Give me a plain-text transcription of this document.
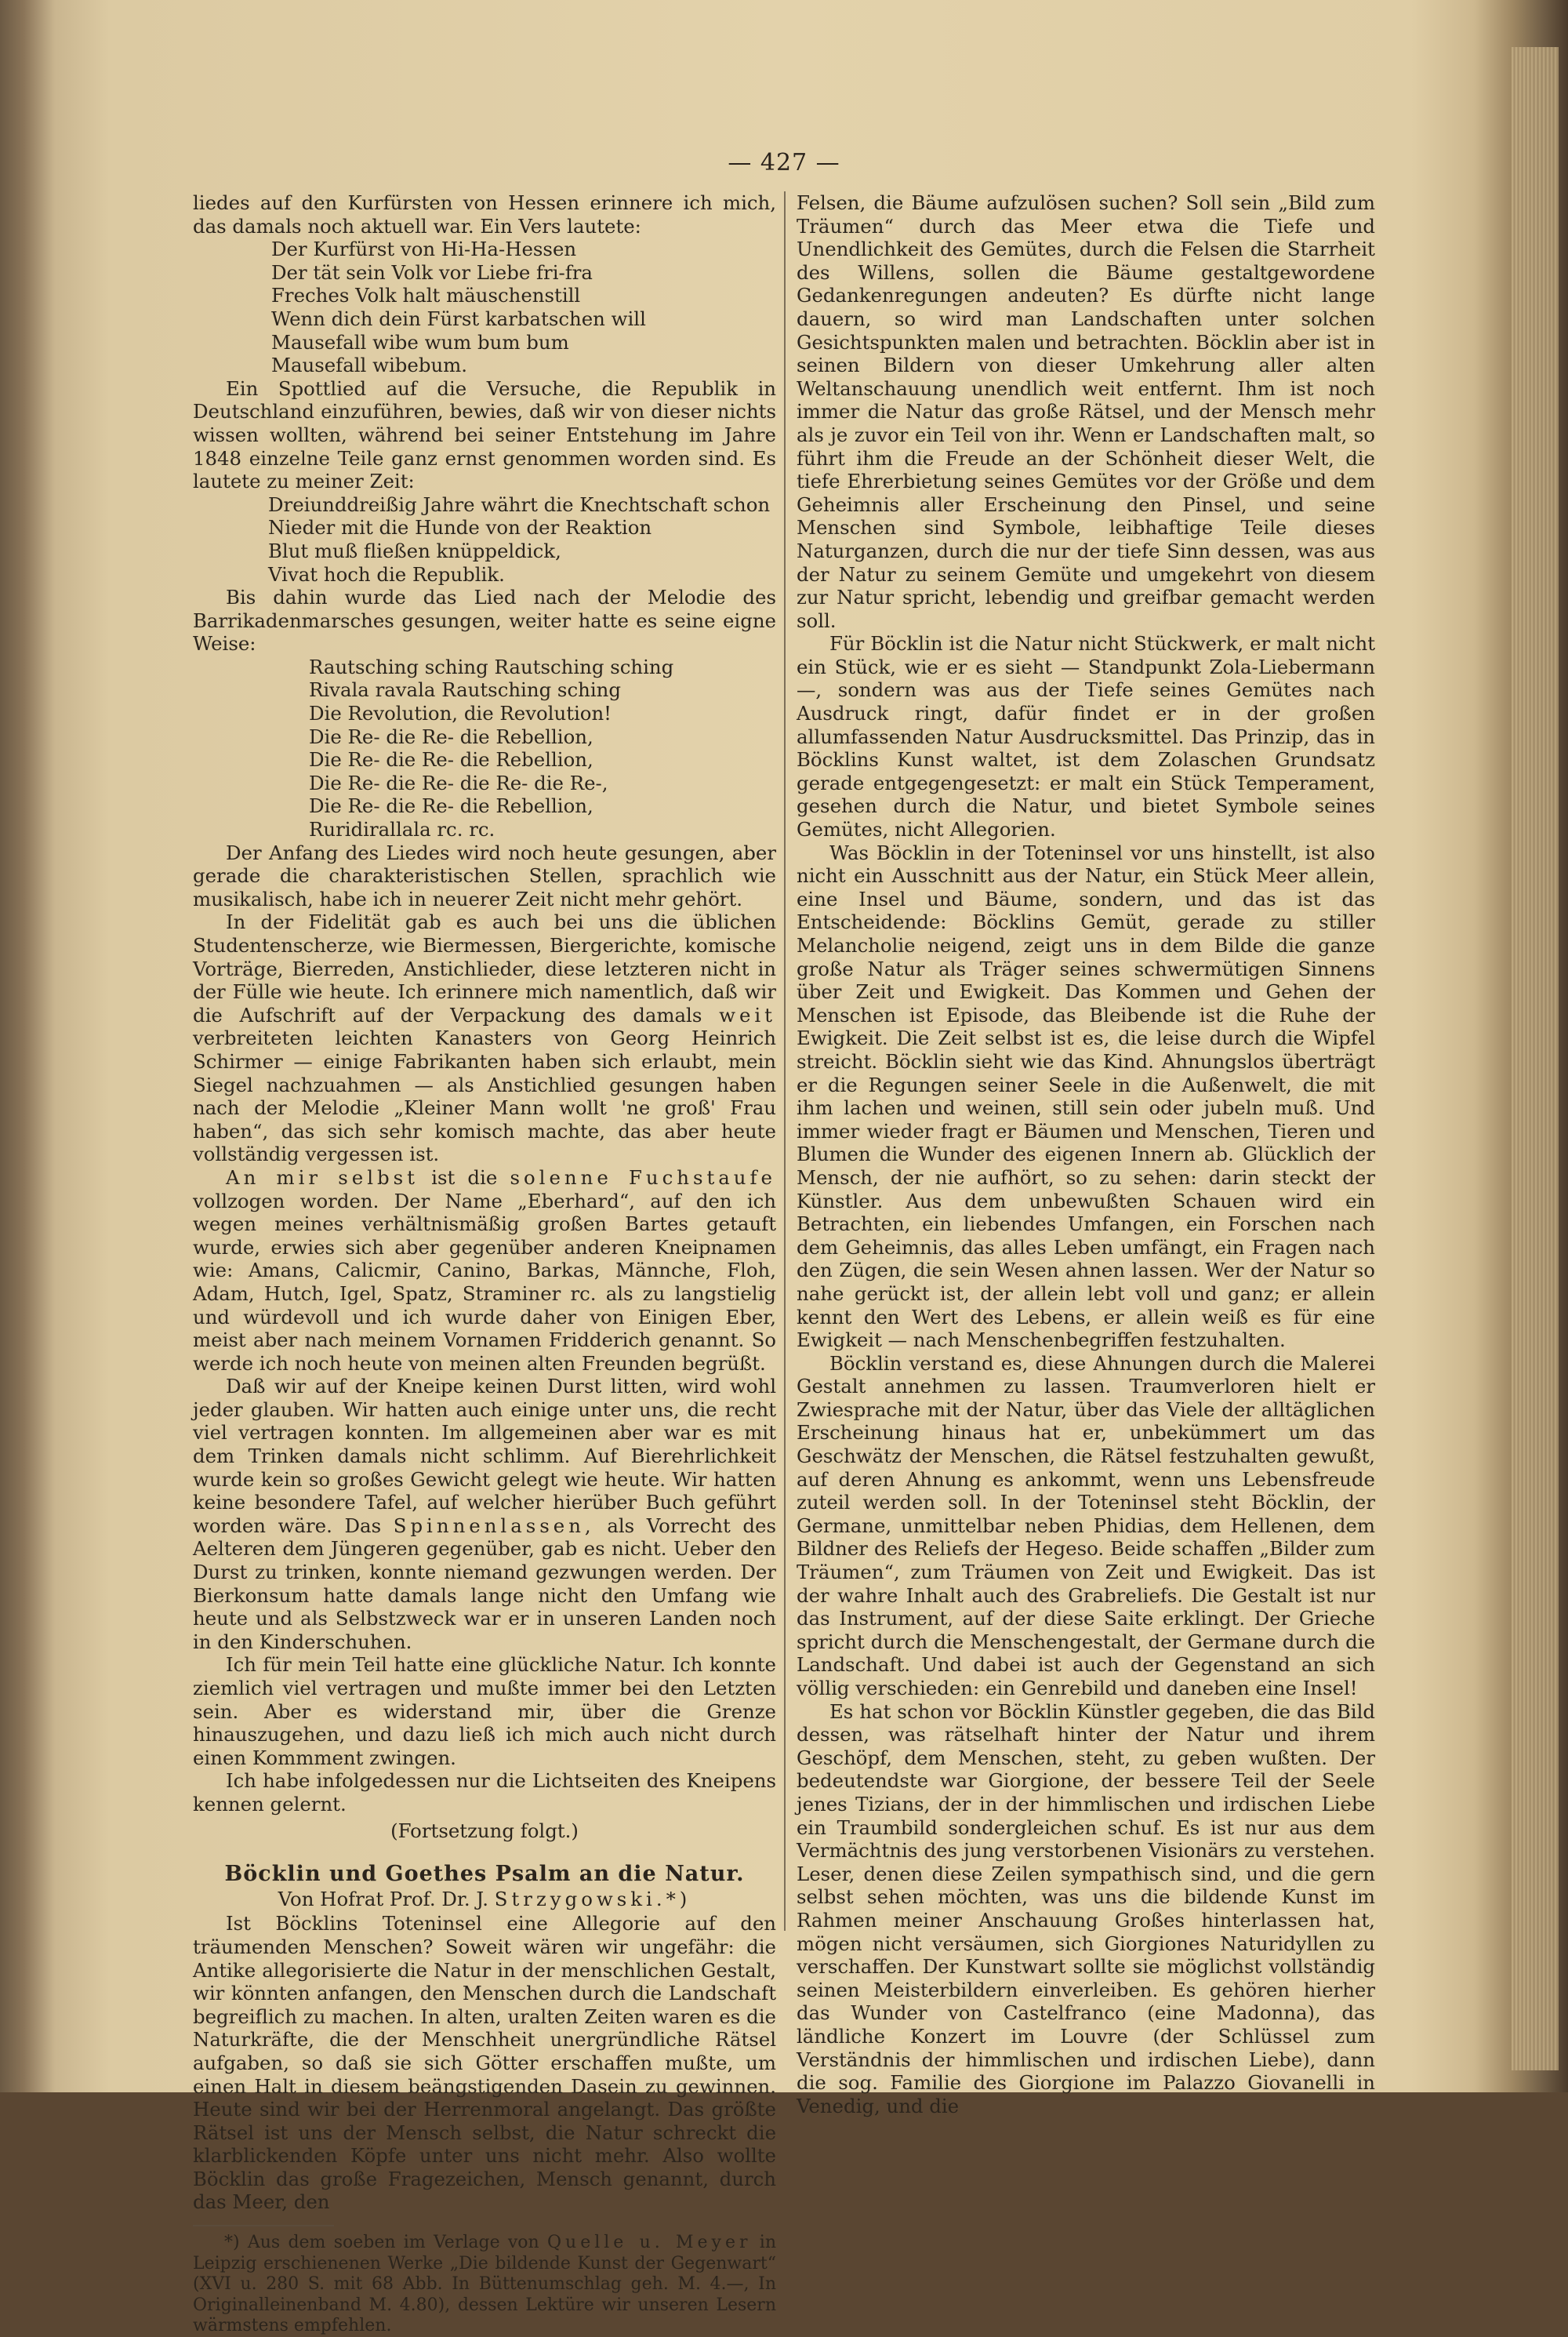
— 427 —

liedes auf den Kurfürsten von Hessen erinnere ich mich, das damals noch aktuell war. Ein Vers lautete:

Der Kurfürst von Hi-Ha-Hessen
Der tät sein Volk vor Liebe fri-fra
Freches Volk halt mäuschenstill
Wenn dich dein Fürst karbatschen will
Mausefall wibe wum bum bum
Mausefall wibebum.

Ein Spottlied auf die Versuche, die Republik in Deutschland einzuführen, bewies, daß wir von dieser nichts wissen wollten, während bei seiner Entstehung im Jahre 1848 einzelne Teile ganz ernst genommen worden sind. Es lautete zu meiner Zeit:

Dreiunddreißig Jahre währt die Knechtschaft schon
Nieder mit die Hunde von der Reaktion
Blut muß fließen knüppeldick,
Vivat hoch die Republik.

Bis dahin wurde das Lied nach der Melodie des Barrikadenmarsches gesungen, weiter hatte es seine eigne Weise:

Rautsching sching Rautsching sching
Rivala ravala Rautsching sching
Die Revolution, die Revolution!
Die Re- die Re- die Rebellion,
Die Re- die Re- die Rebellion,
Die Re- die Re- die Re- die Re-,
Die Re- die Re- die Rebellion,
Ruridirallala rc. rc.

Der Anfang des Liedes wird noch heute gesungen, aber gerade die charakteristischen Stellen, sprachlich wie musikalisch, habe ich in neuerer Zeit nicht mehr gehört.

In der Fidelität gab es auch bei uns die üblichen Studentenscherze, wie Biermessen, Biergerichte, komische Vorträge, Bierreden, Anstichlieder, diese letzteren nicht in der Fülle wie heute. Ich erinnere mich namentlich, daß wir die Aufschrift auf der Verpackung des damals weit verbreiteten leichten Kanasters von Georg Heinrich Schirmer — einige Fabrikanten haben sich erlaubt, mein Siegel nachzuahmen — als Anstichlied gesungen haben nach der Melodie „Kleiner Mann wollt 'ne groß' Frau haben“, das sich sehr komisch machte, das aber heute vollständig vergessen ist.

An mir selbst ist die solenne Fuchstaufe vollzogen worden. Der Name „Eberhard“, auf den ich wegen meines verhältnismäßig großen Bartes getauft wurde, erwies sich aber gegenüber anderen Kneipnamen wie: Amans, Calicmir, Canino, Barkas, Männche, Floh, Adam, Hutch, Igel, Spatz, Straminer rc. als zu langstielig und würdevoll und ich wurde daher von Einigen Eber, meist aber nach meinem Vornamen Fridderich genannt. So werde ich noch heute von meinen alten Freunden begrüßt.

Daß wir auf der Kneipe keinen Durst litten, wird wohl jeder glauben. Wir hatten auch einige unter uns, die recht viel vertragen konnten. Im allgemeinen aber war es mit dem Trinken damals nicht schlimm. Auf Bierehrlichkeit wurde kein so großes Gewicht gelegt wie heute. Wir hatten keine besondere Tafel, auf welcher hierüber Buch geführt worden wäre. Das Spinnenlassen, als Vorrecht des Aelteren dem Jüngeren gegenüber, gab es nicht. Ueber den Durst zu trinken, konnte niemand gezwungen werden. Der Bierkonsum hatte damals lange nicht den Umfang wie heute und als Selbstzweck war er in unseren Landen noch in den Kinderschuhen.

Ich für mein Teil hatte eine glückliche Natur. Ich konnte ziemlich viel vertragen und mußte immer bei den Letzten sein. Aber es widerstand mir, über die Grenze hinauszugehen, und dazu ließ ich mich auch nicht durch einen Kommment zwingen.

Ich habe infolgedessen nur die Lichtseiten des Kneipens kennen gelernt.

(Fortsetzung folgt.)
Böcklin und Goethes Psalm an die Natur.
Von Hofrat Prof. Dr. J. Strzygowski.*)

Ist Böcklins Toteninsel eine Allegorie auf den träumenden Menschen? Soweit wären wir ungefähr: die Antike allegorisierte die Natur in der menschlichen Gestalt, wir könnten anfangen, den Menschen durch die Landschaft begreiflich zu machen. In alten, uralten Zeiten waren es die Naturkräfte, die der Menschheit unergründliche Rätsel aufgaben, so daß sie sich Götter erschaffen mußte, um einen Halt in diesem beängstigenden Dasein zu gewinnen. Heute sind wir bei der Herrenmoral angelangt. Das größte Rätsel ist uns der Mensch selbst, die Natur schreckt die klarblickenden Köpfe unter uns nicht mehr. Also wollte Böcklin das große Fragezeichen, Mensch genannt, durch das Meer, den

*) Aus dem soeben im Verlage von Quelle u. Meyer in Leipzig erschienenen Werke „Die bildende Kunst der Gegenwart“ (XVI u. 280 S. mit 68 Abb. In Büttenumschlag geh. M. 4.—, In Originalleinenband M. 4.80), dessen Lektüre wir unseren Lesern wärmstens empfehlen.

Felsen, die Bäume aufzulösen suchen? Soll sein „Bild zum Träumen“ durch das Meer etwa die Tiefe und Unendlichkeit des Gemütes, durch die Felsen die Starrheit des Willens, sollen die Bäume gestaltgewordene Gedankenregungen andeuten? Es dürfte nicht lange dauern, so wird man Landschaften unter solchen Gesichtspunkten malen und betrachten. Böcklin aber ist in seinen Bildern von dieser Umkehrung aller alten Weltanschauung unendlich weit entfernt. Ihm ist noch immer die Natur das große Rätsel, und der Mensch mehr als je zuvor ein Teil von ihr. Wenn er Landschaften malt, so führt ihm die Freude an der Schönheit dieser Welt, die tiefe Ehrerbietung seines Gemütes vor der Größe und dem Geheimnis aller Erscheinung den Pinsel, und seine Menschen sind Symbole, leibhaftige Teile dieses Naturganzen, durch die nur der tiefe Sinn dessen, was aus der Natur zu seinem Gemüte und umgekehrt von diesem zur Natur spricht, lebendig und greifbar gemacht werden soll.

Für Böcklin ist die Natur nicht Stückwerk, er malt nicht ein Stück, wie er es sieht — Standpunkt Zola-Liebermann —, sondern was aus der Tiefe seines Gemütes nach Ausdruck ringt, dafür findet er in der großen allumfassenden Natur Ausdrucksmittel. Das Prinzip, das in Böcklins Kunst waltet, ist dem Zolaschen Grundsatz gerade entgegengesetzt: er malt ein Stück Temperament, gesehen durch die Natur, und bietet Symbole seines Gemütes, nicht Allegorien.

Was Böcklin in der Toteninsel vor uns hinstellt, ist also nicht ein Ausschnitt aus der Natur, ein Stück Meer allein, eine Insel und Bäume, sondern, und das ist das Entscheidende: Böcklins Gemüt, gerade zu stiller Melancholie neigend, zeigt uns in dem Bilde die ganze große Natur als Träger seines schwermütigen Sinnens über Zeit und Ewigkeit. Das Kommen und Gehen der Menschen ist Episode, das Bleibende ist die Ruhe der Ewigkeit. Die Zeit selbst ist es, die leise durch die Wipfel streicht. Böcklin sieht wie das Kind. Ahnungslos überträgt er die Regungen seiner Seele in die Außenwelt, die mit ihm lachen und weinen, still sein oder jubeln muß. Und immer wieder fragt er Bäumen und Menschen, Tieren und Blumen die Wunder des eigenen Innern ab. Glücklich der Mensch, der nie aufhört, so zu sehen: darin steckt der Künstler. Aus dem unbewußten Schauen wird ein Betrachten, ein liebendes Umfangen, ein Forschen nach dem Geheimnis, das alles Leben umfängt, ein Fragen nach den Zügen, die sein Wesen ahnen lassen. Wer der Natur so nahe gerückt ist, der allein lebt voll und ganz; er allein kennt den Wert des Lebens, er allein weiß es für eine Ewigkeit — nach Menschenbegriffen festzuhalten.

Böcklin verstand es, diese Ahnungen durch die Malerei Gestalt annehmen zu lassen. Traumverloren hielt er Zwiesprache mit der Natur, über das Viele der alltäglichen Erscheinung hinaus hat er, unbekümmert um das Geschwätz der Menschen, die Rätsel festzuhalten gewußt, auf deren Ahnung es ankommt, wenn uns Lebensfreude zuteil werden soll. In der Toteninsel steht Böcklin, der Germane, unmittelbar neben Phidias, dem Hellenen, dem Bildner des Reliefs der Hegeso. Beide schaffen „Bilder zum Träumen“, zum Träumen von Zeit und Ewigkeit. Das ist der wahre Inhalt auch des Grabreliefs. Die Gestalt ist nur das Instrument, auf der diese Saite erklingt. Der Grieche spricht durch die Menschengestalt, der Germane durch die Landschaft. Und dabei ist auch der Gegenstand an sich völlig verschieden: ein Genrebild und daneben eine Insel!

Es hat schon vor Böcklin Künstler gegeben, die das Bild dessen, was rätselhaft hinter der Natur und ihrem Geschöpf, dem Menschen, steht, zu geben wußten. Der bedeutendste war Giorgione, der bessere Teil der Seele jenes Tizians, der in der himmlischen und irdischen Liebe ein Traumbild sondergleichen schuf. Es ist nur aus dem Vermächtnis des jung verstorbenen Visionärs zu verstehen. Leser, denen diese Zeilen sympathisch sind, und die gern selbst sehen möchten, was uns die bildende Kunst im Rahmen meiner Anschauung Großes hinterlassen hat, mögen nicht versäumen, sich Giorgiones Naturidyllen zu verschaffen. Der Kunstwart sollte sie möglichst vollständig seinen Meisterbildern einverleiben. Es gehören hierher das Wunder von Castelfranco (eine Madonna), das ländliche Konzert im Louvre (der Schlüssel zum Verständnis der himmlischen und irdischen Liebe), dann die sog. Familie des Giorgione im Palazzo Giovanelli in Venedig, und die
